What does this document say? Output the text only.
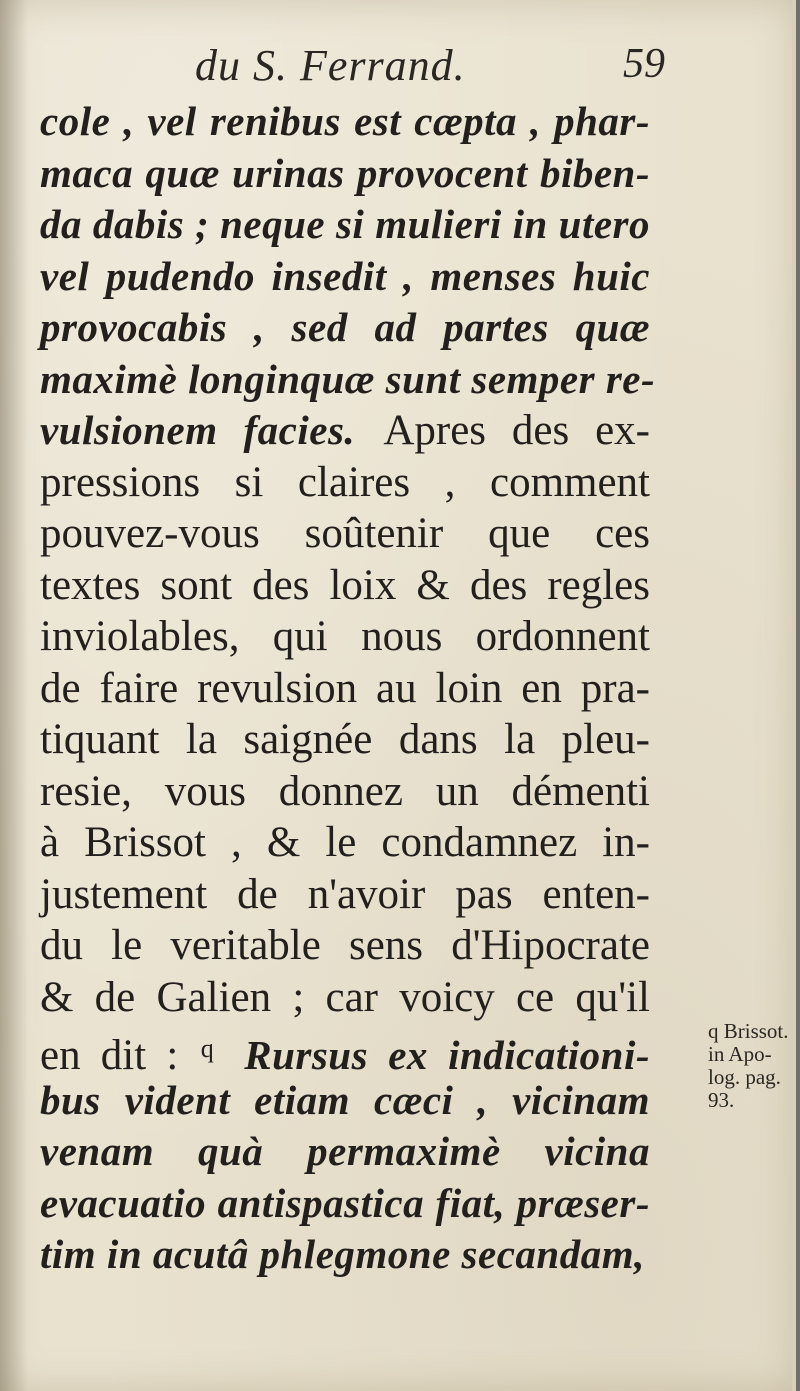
du S. Ferrand.	59
cole , vel renibus est cæpta , phar-
maca quæ urinas provocent biben-
da dabis ; neque si mulieri in utero
vel pudendo insedit , menses huic
provocabis , sed ad partes quæ
maximè longinquæ sunt semper re-
vulsionem facies. Apres des ex-
pressions si claires , comment
pouvez-vous soûtenir que ces
textes sont des loix & des regles
inviolables, qui nous ordonnent
de faire revulsion au loin en pra-
tiquant la saignée dans la pleu-
resie, vous donnez un démenti
à Brissot , & le condamnez in-
justement de n'avoir pas enten-
du le veritable sens d'Hipocrate
& de Galien ; car voicy ce qu'il
en dit : $^q$ Rursus ex indicationi-
bus vident etiam cæci , vicinam
venam quà permaximè vicina
evacuatio antispastica fiat, præser-
tim in acutâ phlegmone secandam,
q Brissot.
in Apo-
log. pag.
93.
